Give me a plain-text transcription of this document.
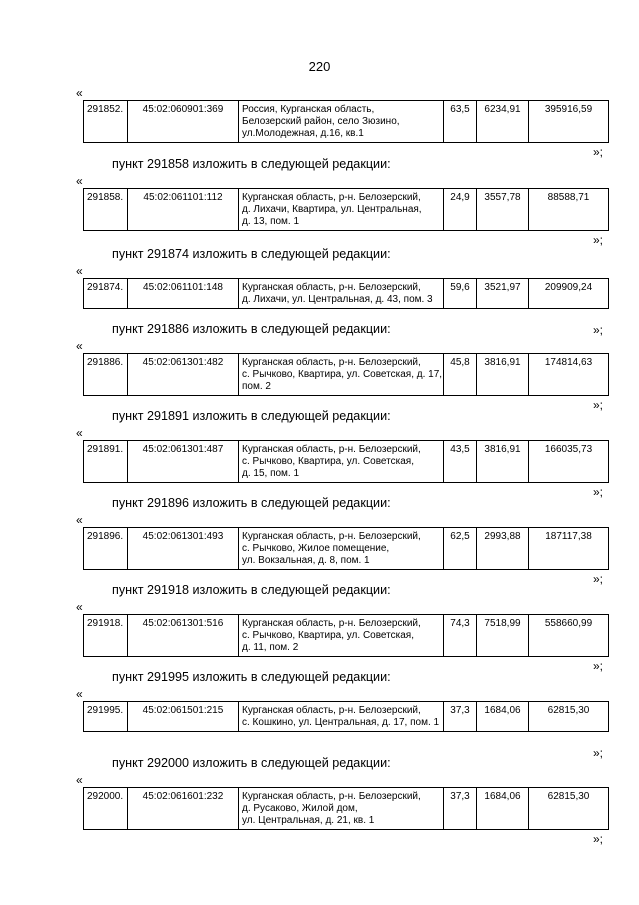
220
«
291852.	45:02:060901:369	Россия, Курганская область,
Белозерский район, село Зюзино,
ул.Молодежная, д.16, кв.1
	63,5	6234,91	395916,59
»;
пункт 291858 изложить в следующей редакции:
«
291858.	45:02:061101:112	Курганская область, р-н. Белозерский,
д. Лихачи, Квартира, ул. Центральная,
д. 13, пом. 1
	24,9	3557,78	88588,71
»;
пункт 291874 изложить в следующей редакции:
«
291874.	45:02:061101:148	Курганская область, р-н. Белозерский,
д. Лихачи, ул. Центральная, д. 43, пом. 3
	59,6	3521,97	209909,24
»;
пункт 291886 изложить в следующей редакции:
«
291886.	45:02:061301:482	Курганская область, р-н. Белозерский,
с. Рычково, Квартира, ул. Советская, д. 17,
пом. 2
	45,8	3816,91	174814,63
»;
пункт 291891 изложить в следующей редакции:
«
291891.	45:02:061301:487	Курганская область, р-н. Белозерский,
с. Рычково, Квартира, ул. Советская,
д. 15, пом. 1
	43,5	3816,91	166035,73
»;
пункт 291896 изложить в следующей редакции:
«
291896.	45:02:061301:493	Курганская область, р-н. Белозерский,
с. Рычково, Жилое помещение,
ул. Вокзальная, д. 8, пом. 1
	62,5	2993,88	187117,38
»;
пункт 291918 изложить в следующей редакции:
«
291918.	45:02:061301:516	Курганская область, р-н. Белозерский,
с. Рычково, Квартира, ул. Советская,
д. 11, пом. 2
	74,3	7518,99	558660,99
»;
пункт 291995 изложить в следующей редакции:
«
291995.	45:02:061501:215	Курганская область, р-н. Белозерский,
с. Кошкино, ул. Центральная, д. 17, пом. 1
	37,3	1684,06	62815,30
»;
пункт 292000 изложить в следующей редакции:
«
292000.	45:02:061601:232	Курганская область, р-н. Белозерский,
д. Русаково, Жилой дом,
ул. Центральная, д. 21, кв. 1
	37,3	1684,06	62815,30
»;
